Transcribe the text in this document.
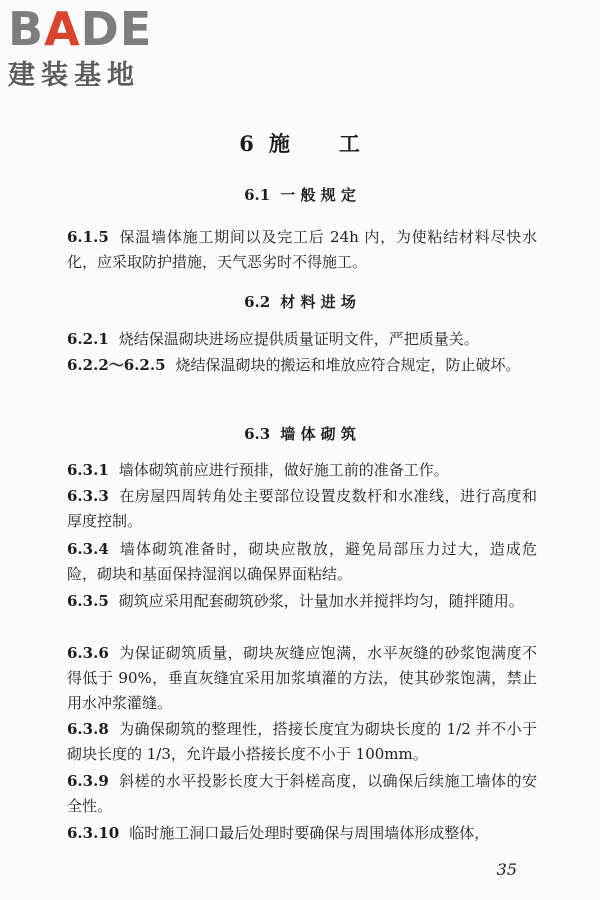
BADE
建装基地
6 施 工
6.1 一 般 规 定
6.1.5 保温墙体施工期间以及完工后 24h 内，为使粘结材料尽快水化，应采取防护措施，天气恶劣时不得施工。
6.2 材 料 进 场
6.2.1 烧结保温砌块进场应提供质量证明文件，严把质量关。
6.2.2～6.2.5 烧结保温砌块的搬运和堆放应符合规定，防止破坏。
6.3 墙 体 砌 筑
6.3.1 墙体砌筑前应进行预排，做好施工前的准备工作。
6.3.3 在房屋四周转角处主要部位设置皮数杆和水准线，进行高度和厚度控制。
6.3.4 墙体砌筑准备时，砌块应散放，避免局部压力过大，造成危险，砌块和基面保持湿润以确保界面粘结。
6.3.5 砌筑应采用配套砌筑砂浆，计量加水并搅拌均匀，随拌随用。
6.3.6 为保证砌筑质量，砌块灰缝应饱满，水平灰缝的砂浆饱满度不得低于 90%，垂直灰缝宜采用加浆填灌的方法，使其砂浆饱满，禁止用水冲浆灌缝。
6.3.8 为确保砌筑的整理性，搭接长度宜为砌块长度的 1/2 并不小于砌块长度的 1/3，允许最小搭接长度不小于 100mm。
6.3.9 斜槎的水平投影长度大于斜槎高度，以确保后续施工墙体的安全性。
6.3.10 临时施工洞口最后处理时要确保与周围墙体形成整体，
35
